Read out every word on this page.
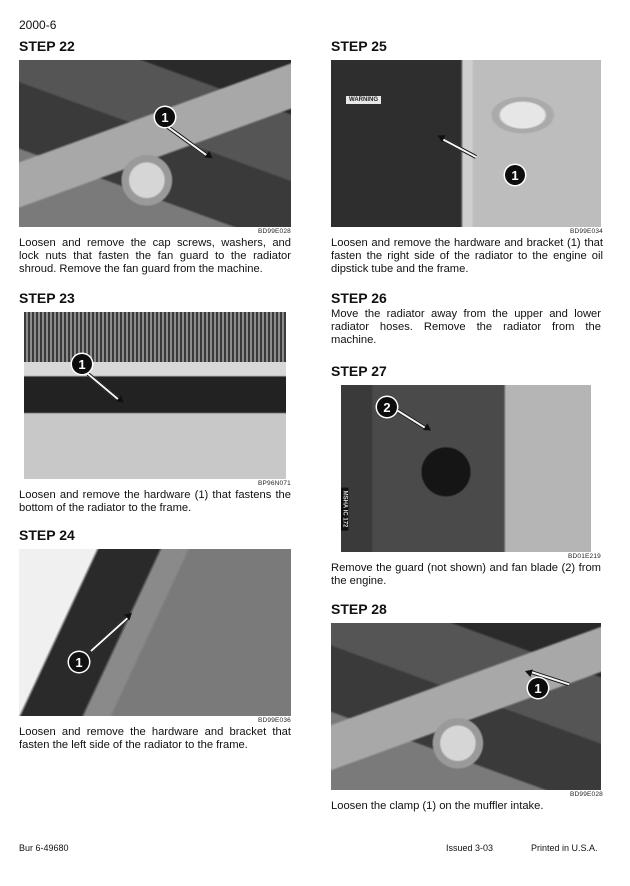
2000-6
STEP 22
1
BD99E028

Loosen and remove the cap screws, washers, and lock nuts that fasten the fan guard to the radiator shroud. Remove the fan guard from the machine.

STEP 23
1
BP96N071

Loosen and remove the hardware (1) that fastens the bottom of the radiator to the frame.

STEP 24
1
BD99E036

Loosen and remove the hardware and bracket that fasten the left side of the radiator to the frame.

STEP 25
WARNING
1
BD99E034

Loosen and remove the hardware and bracket (1) that fasten the right side of the radiator to the engine oil dipstick tube and the frame.

STEP 26

Move the radiator away from the upper and lower radiator hoses. Remove the radiator from the machine.

STEP 27
MSHA IC 172
2
BD01E219

Remove the guard (not shown) and fan blade (2) from the engine.

STEP 28
1
BD99E028

Loosen the clamp (1) on the muffler intake.

Bur 6-49680	Issued 3-03	Printed in U.S.A.
